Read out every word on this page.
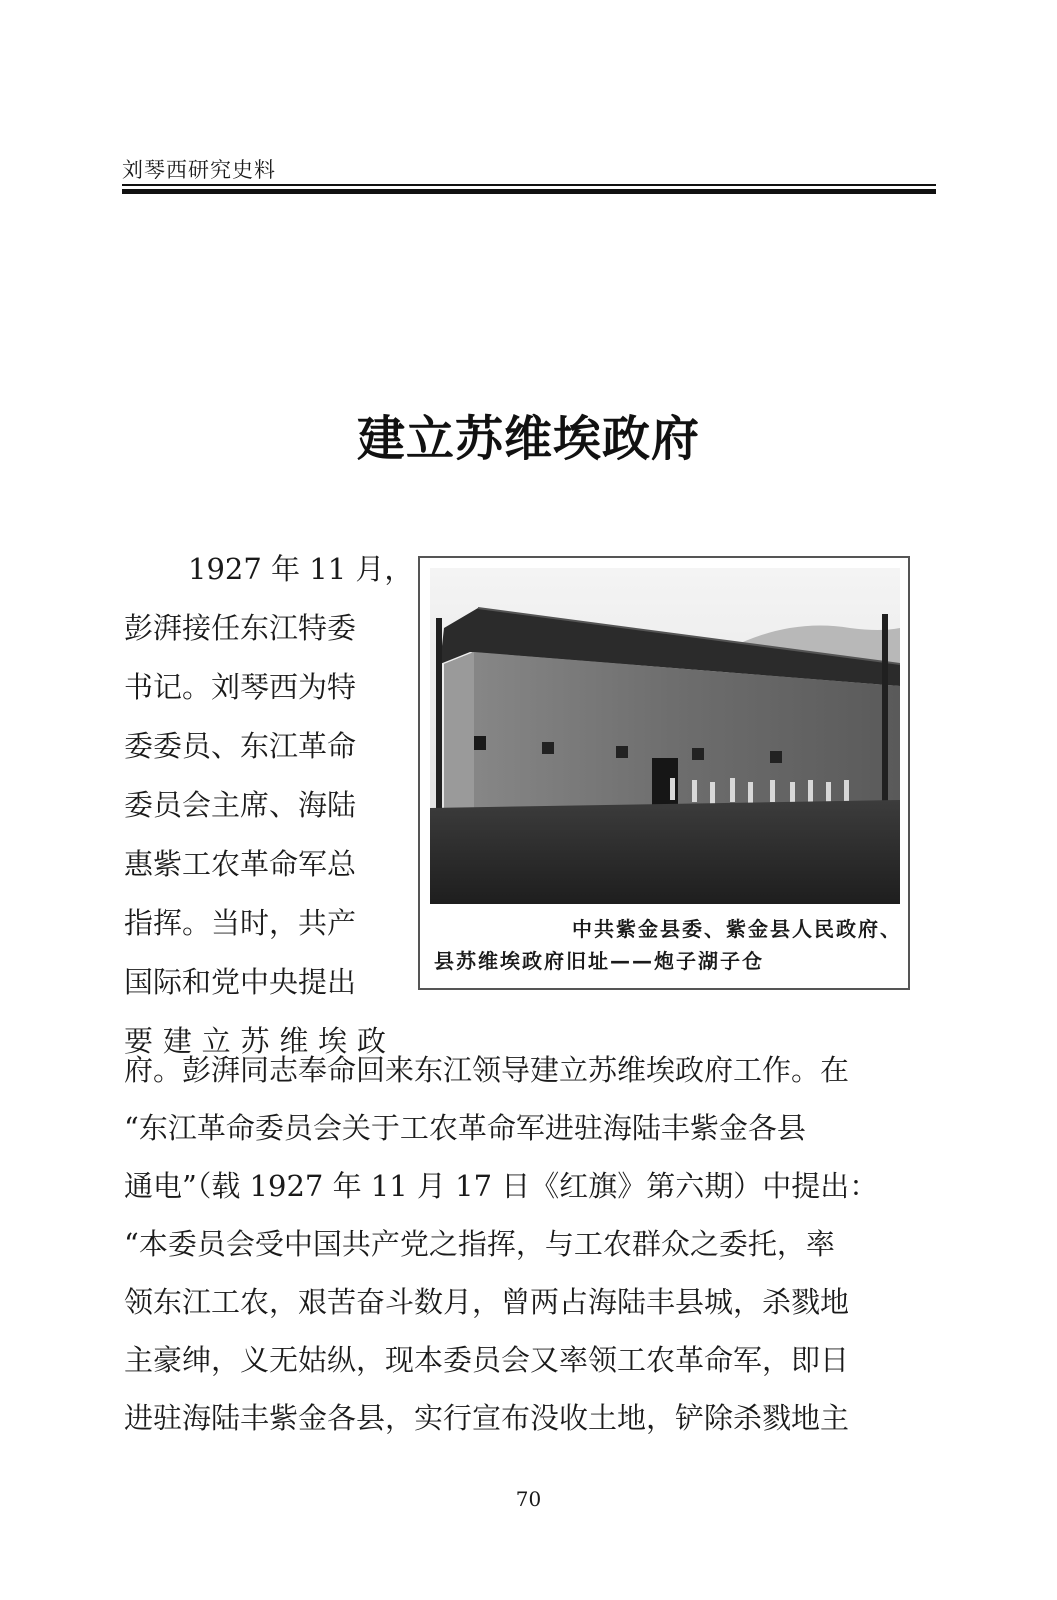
刘琴西研究史料
建立苏维埃政府
1927 年 11 月，
彭湃接任东江特委
书记。刘琴西为特
委委员、东江革命
委员会主席、海陆
惠紫工农革命军总
指挥。当时，共产
国际和党中央提出
要 建 立 苏 维 埃 政
中共紫金县委、紫金县人民政府、
县苏维埃政府旧址——炮子湖子仓
府。彭湃同志奉命回来东江领导建立苏维埃政府工作。在
“东江革命委员会关于工农革命军进驻海陆丰紫金各县
通电”（载 1927 年 11 月 17 日《红旗》第六期）中提出：
“本委员会受中国共产党之指挥，与工农群众之委托，率
领东江工农，艰苦奋斗数月，曾两占海陆丰县城，杀戮地
主豪绅，义无姑纵，现本委员会又率领工农革命军，即日
进驻海陆丰紫金各县，实行宣布没收土地，铲除杀戮地主
70
